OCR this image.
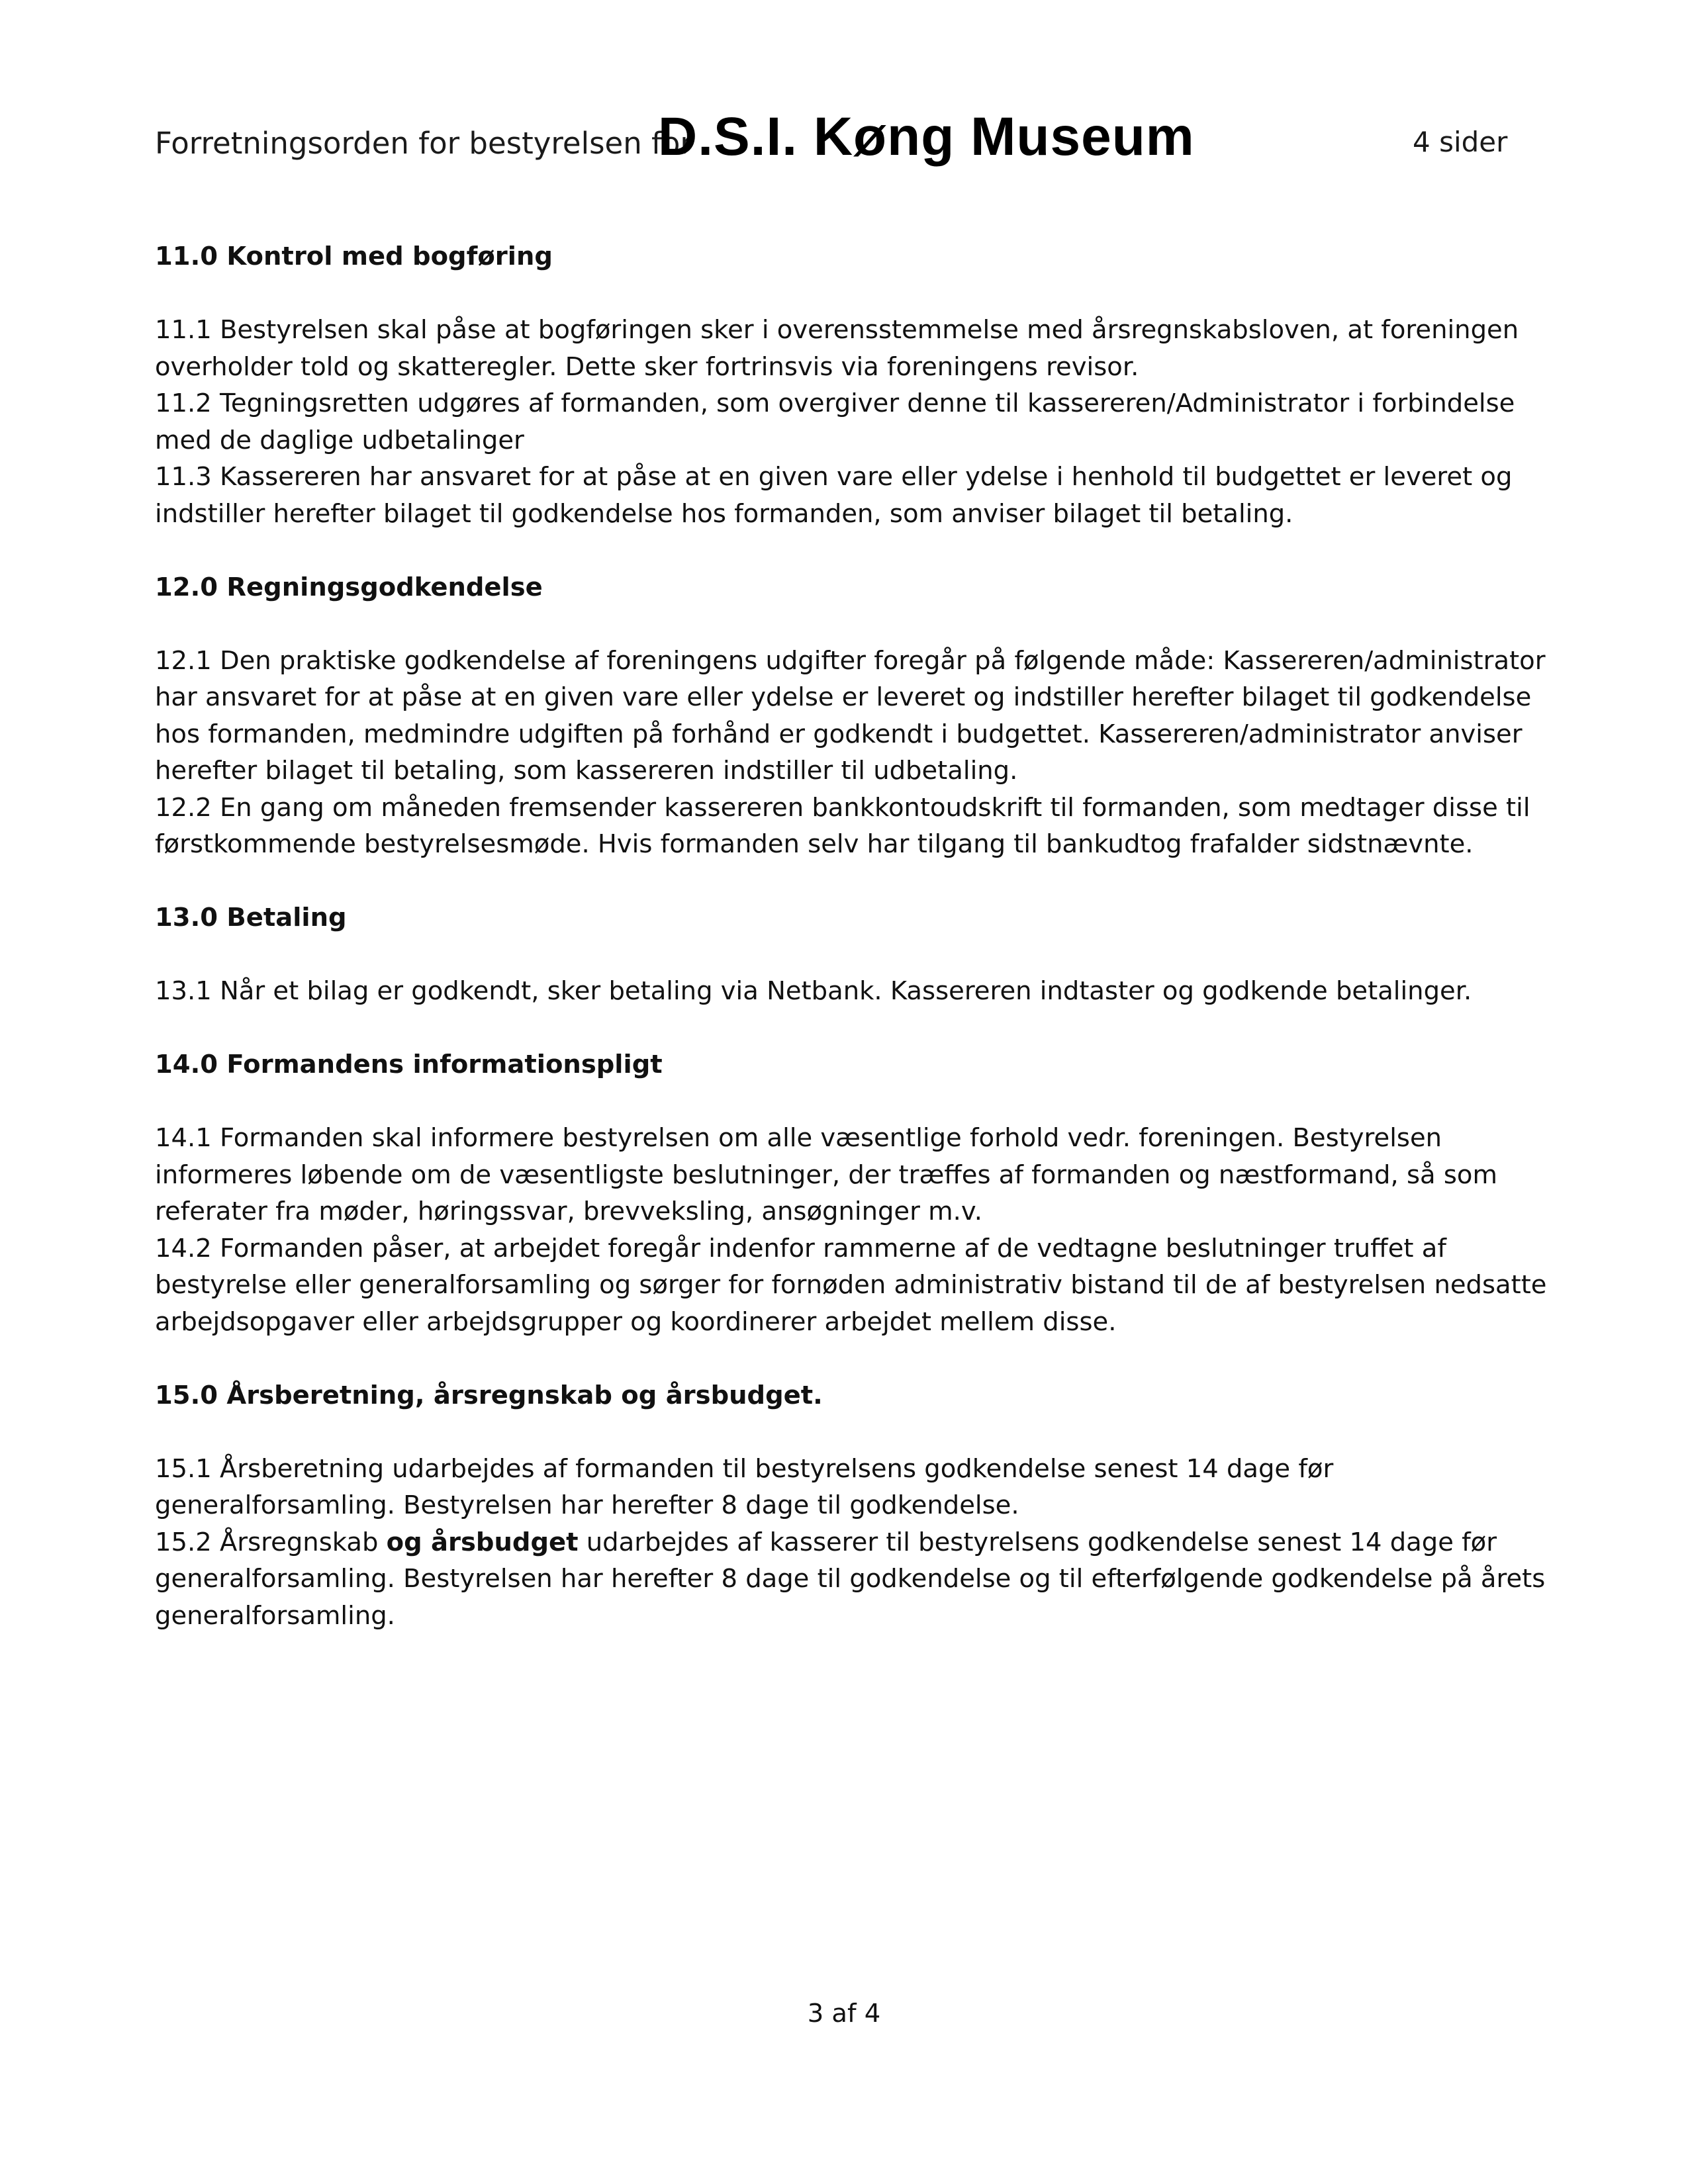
Forretningsorden for bestyrelsen for
D.S.I. Køng Museum	4 sider
11.0 Kontrol med bogføring

11.1 Bestyrelsen skal påse at bogføringen sker i overensstemmelse med årsregnskabsloven, at foreningen overholder told og skatteregler. Dette sker fortrinsvis via foreningens revisor.

11.2 Tegningsretten udgøres af formanden, som overgiver denne til kassereren/Administrator i forbindelse med de daglige udbetalinger

11.3 Kassereren har ansvaret for at påse at en given vare eller ydelse i henhold til budgettet er leveret og indstiller herefter bilaget til godkendelse hos formanden, som anviser bilaget til betaling.

12.0 Regningsgodkendelse

12.1 Den praktiske godkendelse af foreningens udgifter foregår på følgende måde: Kassereren/administrator har ansvaret for at påse at en given vare eller ydelse er leveret og indstiller herefter bilaget til godkendelse hos formanden, medmindre udgiften på forhånd er godkendt i budgettet. Kassereren/administrator anviser herefter bilaget til betaling, som kassereren indstiller til udbetaling.

12.2 En gang om måneden fremsender kassereren bankkontoudskrift til formanden, som medtager disse til førstkommende bestyrelsesmøde. Hvis formanden selv har tilgang til bankudtog frafalder sidstnævnte.

13.0 Betaling

13.1 Når et bilag er godkendt, sker betaling via Netbank. Kassereren indtaster og godkende betalinger.

14.0 Formandens informationspligt

14.1 Formanden skal informere bestyrelsen om alle væsentlige forhold vedr. foreningen. Bestyrelsen informeres løbende om de væsentligste beslutninger, der træffes af formanden og næstformand, så som referater fra møder, høringssvar, brevveksling, ansøgninger m.v.

14.2 Formanden påser, at arbejdet foregår indenfor rammerne af de vedtagne beslutninger truffet af bestyrelse eller generalforsamling og sørger for fornøden administrativ bistand til de af bestyrelsen nedsatte arbejdsopgaver eller arbejdsgrupper og koordinerer arbejdet mellem disse.

15.0 Årsberetning, årsregnskab og årsbudget.

15.1 Årsberetning udarbejdes af formanden til bestyrelsens godkendelse senest 14 dage før generalforsamling. Bestyrelsen har herefter 8 dage til godkendelse.

15.2 Årsregnskab og årsbudget udarbejdes af kasserer til bestyrelsens godkendelse senest 14 dage før generalforsamling. Bestyrelsen har herefter 8 dage til godkendelse og til efterfølgende godkendelse på årets generalforsamling.

3 af 4
